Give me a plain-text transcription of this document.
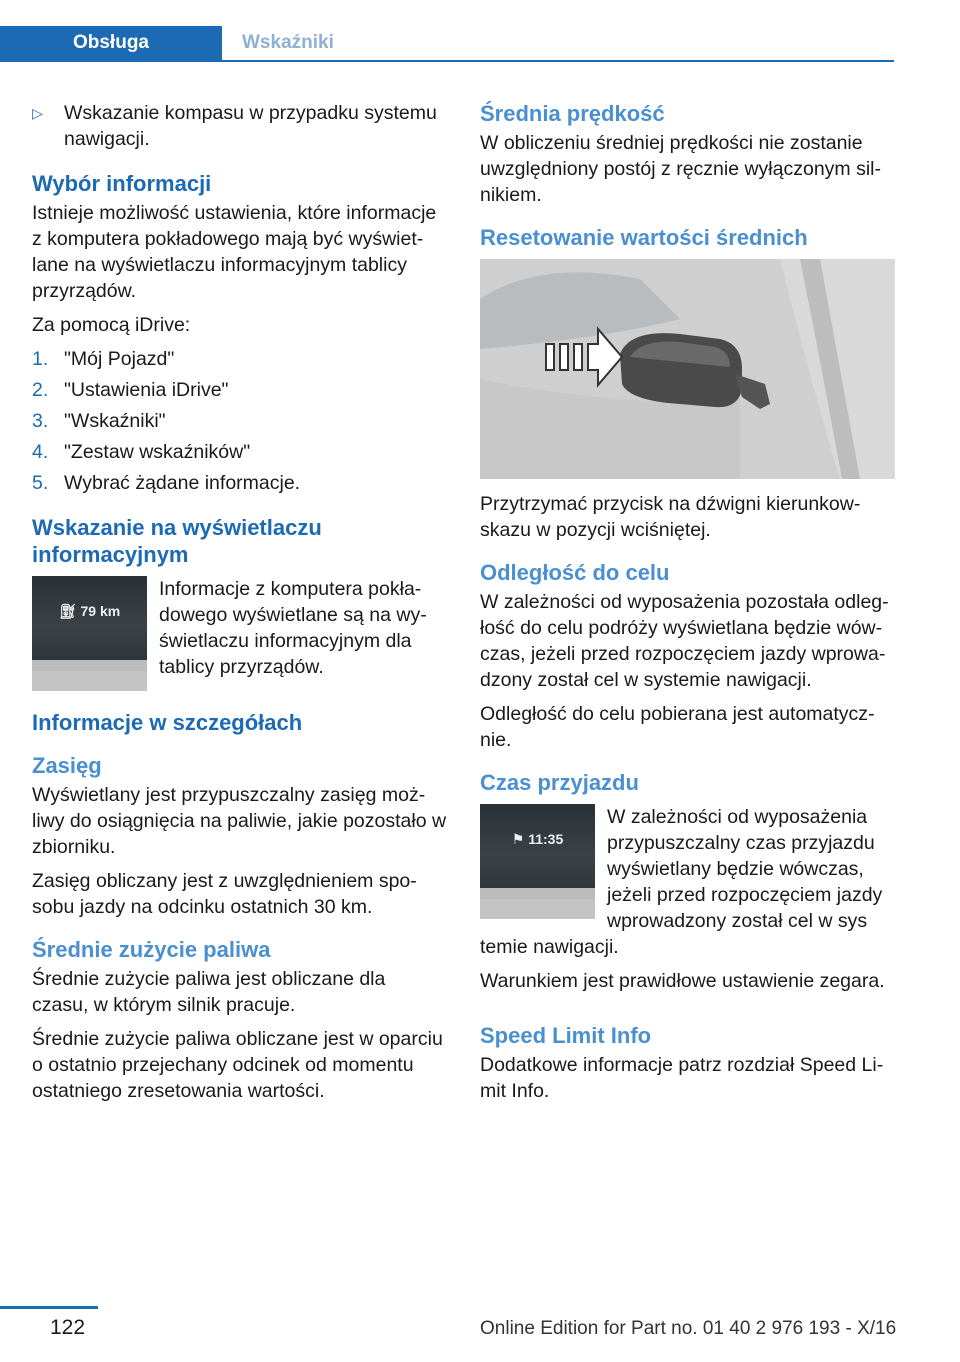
Obsługa	Wskaźniki
▷	Wskazanie kompasu w przypadku systemu nawigacji.
Wybór informacji

Istnieje możliwość ustawienia, które informacje z komputera pokładowego mają być wyświetlane na wyświetlaczu informacyjnym tablicy przyrządów.

Za pomocą iDrive:

1. "Mój Pojazd"
2. "Ustawienia iDrive"
3. "Wskaźniki"
4. "Zestaw wskaźników"
5. Wybrać żądane informacje.
Wskazanie na wyświetlaczu informacyjnym
⛽︎ 79 km
Informacje z komputera pokładowego wyświetlane są na wyświetlaczu informacyjnym dla tablicy przyrządów.
Informacje w szczegółach
Zasięg

Wyświetlany jest przypuszczalny zasięg możliwy do osiągnięcia na paliwie, jakie pozostało w zbiorniku.

Zasięg obliczany jest z uwzględnieniem sposobu jazdy na odcinku ostatnich 30 km.

Średnie zużycie paliwa

Średnie zużycie paliwa jest obliczane dla czasu, w którym silnik pracuje.

Średnie zużycie paliwa obliczane jest w oparciu o ostatnio przejechany odcinek od momentu ostatniego zresetowania wartości.

Średnia prędkość

W obliczeniu średniej prędkości nie zostanie uwzględniony postój z ręcznie wyłączonym silnikiem.

Resetowanie wartości średnich

Przytrzymać przycisk na dźwigni kierunkowskazu w pozycji wciśniętej.

Odległość do celu

W zależności od wyposażenia pozostała odległość do celu podróży wyświetlana będzie wówczas, jeżeli przed rozpoczęciem jazdy wprowadzony został cel w systemie nawigacji.

Odległość do celu pobierana jest automatycznie.

Czas przyjazdu
⚑ 11:35
W zależności od wyposażenia przypuszczalny czas przyjazdu wyświetlany będzie wówczas, jeżeli przed rozpoczęciem jazdy wprowadzony został cel w sys

temie nawigacji.

Warunkiem jest prawidłowe ustawienie zegara.

Speed Limit Info

Dodatkowe informacje patrz rozdział Speed Limit Info.

122	Online Edition for Part no. 01 40 2 976 193 - X/16
